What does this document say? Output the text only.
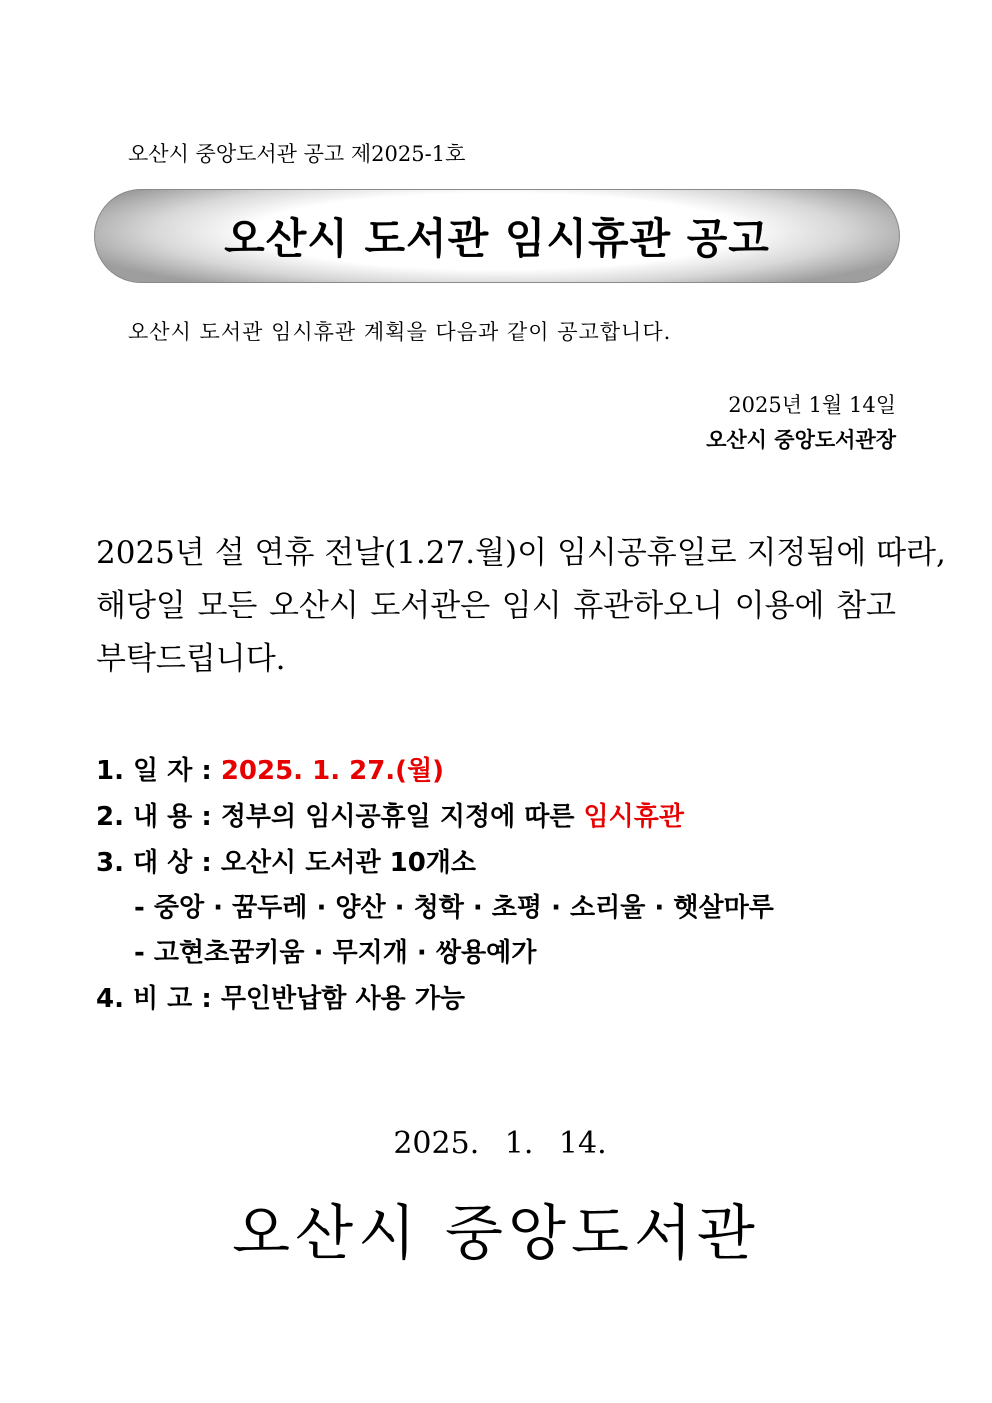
오산시 중앙도서관 공고 제2025-1호
오산시 도서관 임시휴관 공고
오산시 도서관 임시휴관 계획을 다음과 같이 공고합니다.
2025년 1월 14일
오산시 중앙도서관장
2025년 설 연휴 전날(1.27.월)이 임시공휴일로 지정됨에 따라,
해당일 모든 오산시 도서관은 임시 휴관하오니 이용에 참고
부탁드립니다.
1. 일 자 : 2025. 1. 27.(월)
2. 내 용 : 정부의 임시공휴일 지정에 따른 임시휴관
3. 대 상 : 오산시 도서관 10개소
- 중앙 · 꿈두레 · 양산 · 청학 · 초평 · 소리울 · 햇살마루
- 고현초꿈키움 · 무지개 · 쌍용예가
4. 비 고 : 무인반납함 사용 가능
2025. 1. 14.
오산시 중앙도서관
